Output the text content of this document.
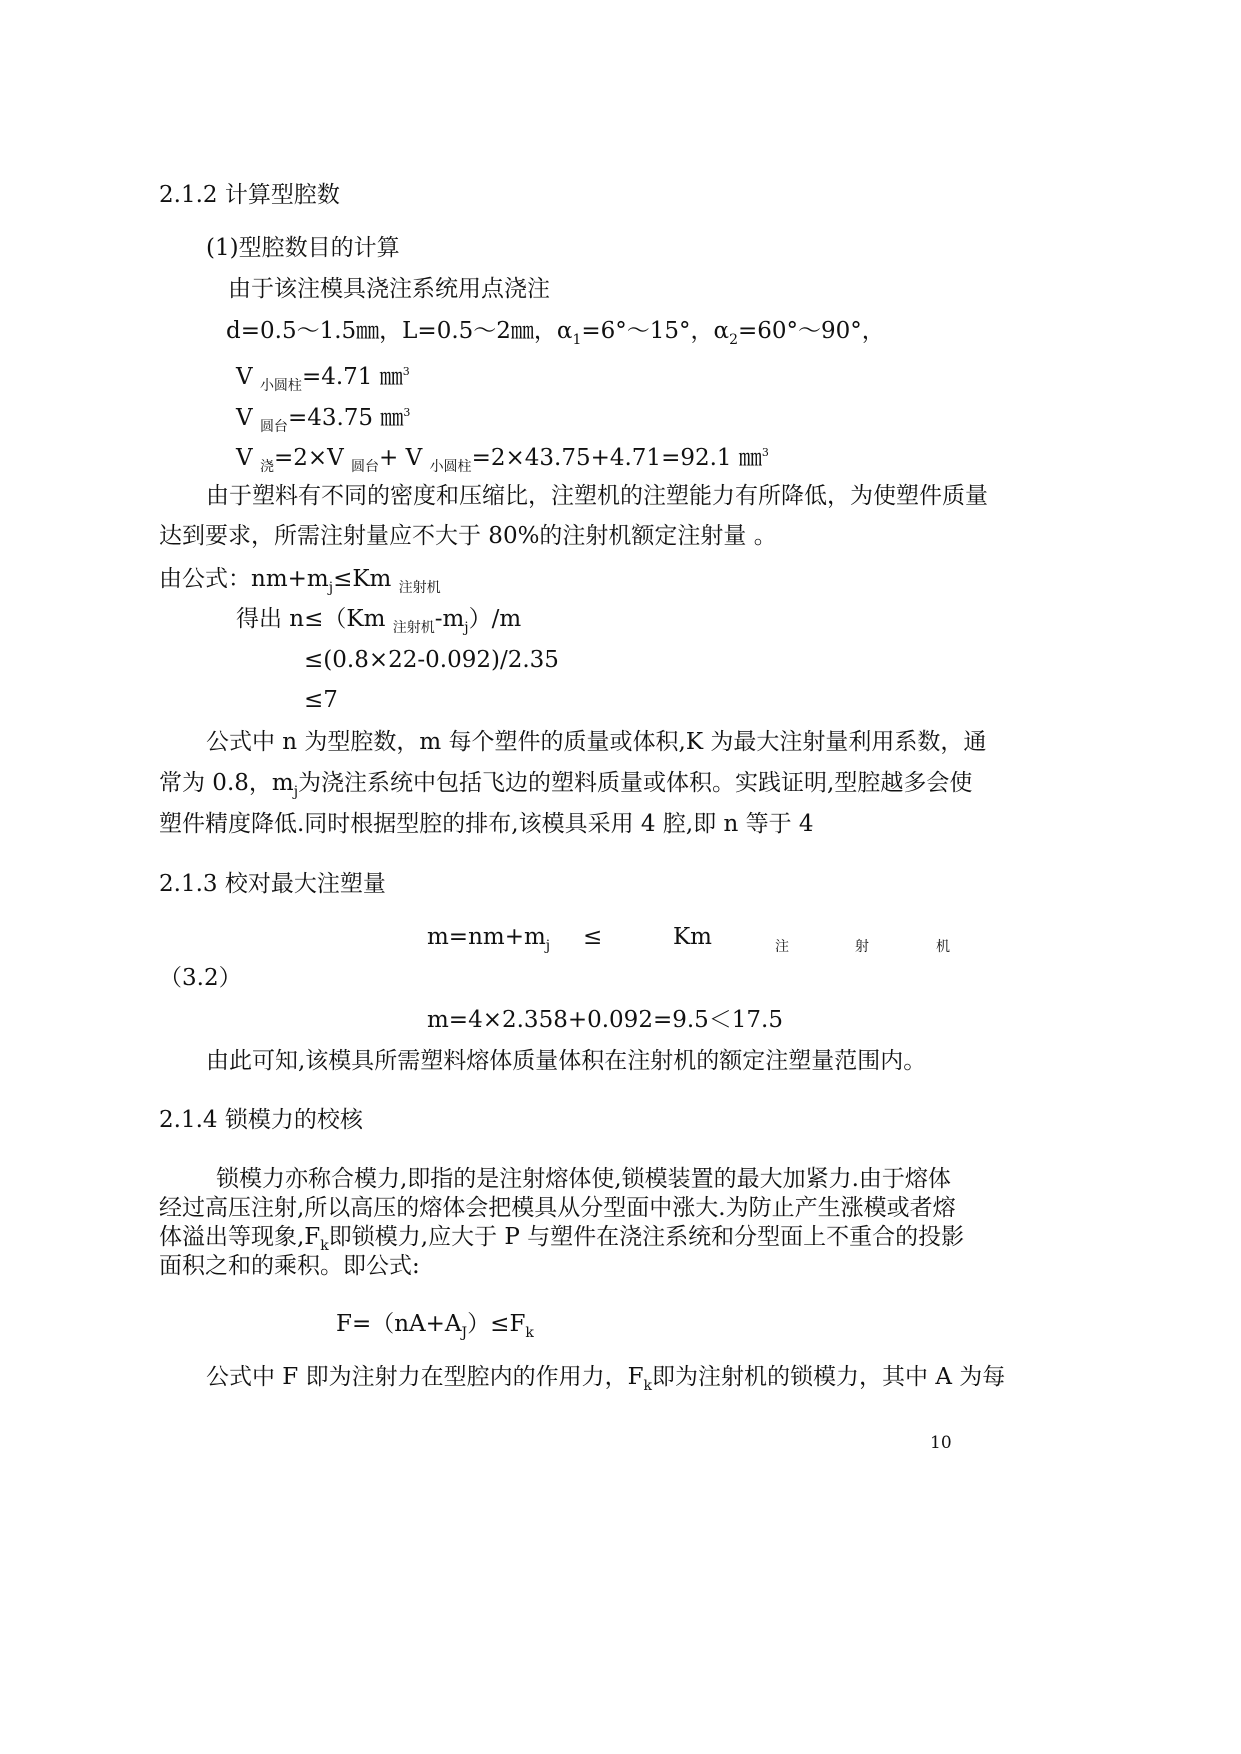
2.1.2 计算型腔数
(1)型腔数目的计算
由于该注模具浇注系统用点浇注
d=0.5～1.5㎜，L=0.5～2㎜，$\alpha_1=6^\circ\sim 15^\circ$，$\alpha_2=60^\circ\sim 90^\circ$，
V $_{小圆柱}$=4.71 ㎜$^3$
V $_{圆台}$=43.75 ㎜$^3$
V $_浇$=2×V $_{圆台}$+ V $_{小圆柱}$=2×43.75+4.71=92.1 ㎜$^3$
由于塑料有不同的密度和压缩比，注塑机的注塑能力有所降低，为使塑件质量
达到要求，所需注射量应不大于 80%的注射机额定注射量 。
由公式：$nm+m_j\le Km$ $_{注射机}$
得出 n≤（Km $_{注射机}-m_j)/m$
≤(0.8×22-0.092)/2.35
≤7
公式中 n 为型腔数，m 每个塑件的质量或体积,K 为最大注射量利用系数，通
常为 0.8，$m_j$为浇注系统中包括飞边的塑料质量或体积。实践证明,型腔越多会使
塑件精度降低.同时根据型腔的排布,该模具采用 4 腔,即 n 等于 4
2.1.3 校对最大注塑量
$m=nm+m_j$ ≤	Km	注	射	机
（3.2）
m=4×2.358+0.092=9.5＜17.5
由此可知,该模具所需塑料熔体质量体积在注射机的额定注塑量范围内。
2.1.4 锁模力的校核
锁模力亦称合模力,即指的是注射熔体使,锁模装置的最大加紧力.由于熔体
经过高压注射,所以高压的熔体会把模具从分型面中涨大.为防止产生涨模或者熔
体溢出等现象$,F_k$即锁模力,应大于 P 与塑件在浇注系统和分型面上不重合的投影
面积之和的乘积。即公式:
$F=(nA+A_J)\le F_k$
公式中 F 即为注射力在型腔内的作用力，$F_k$即为注射机的锁模力，其中 A 为每
10
